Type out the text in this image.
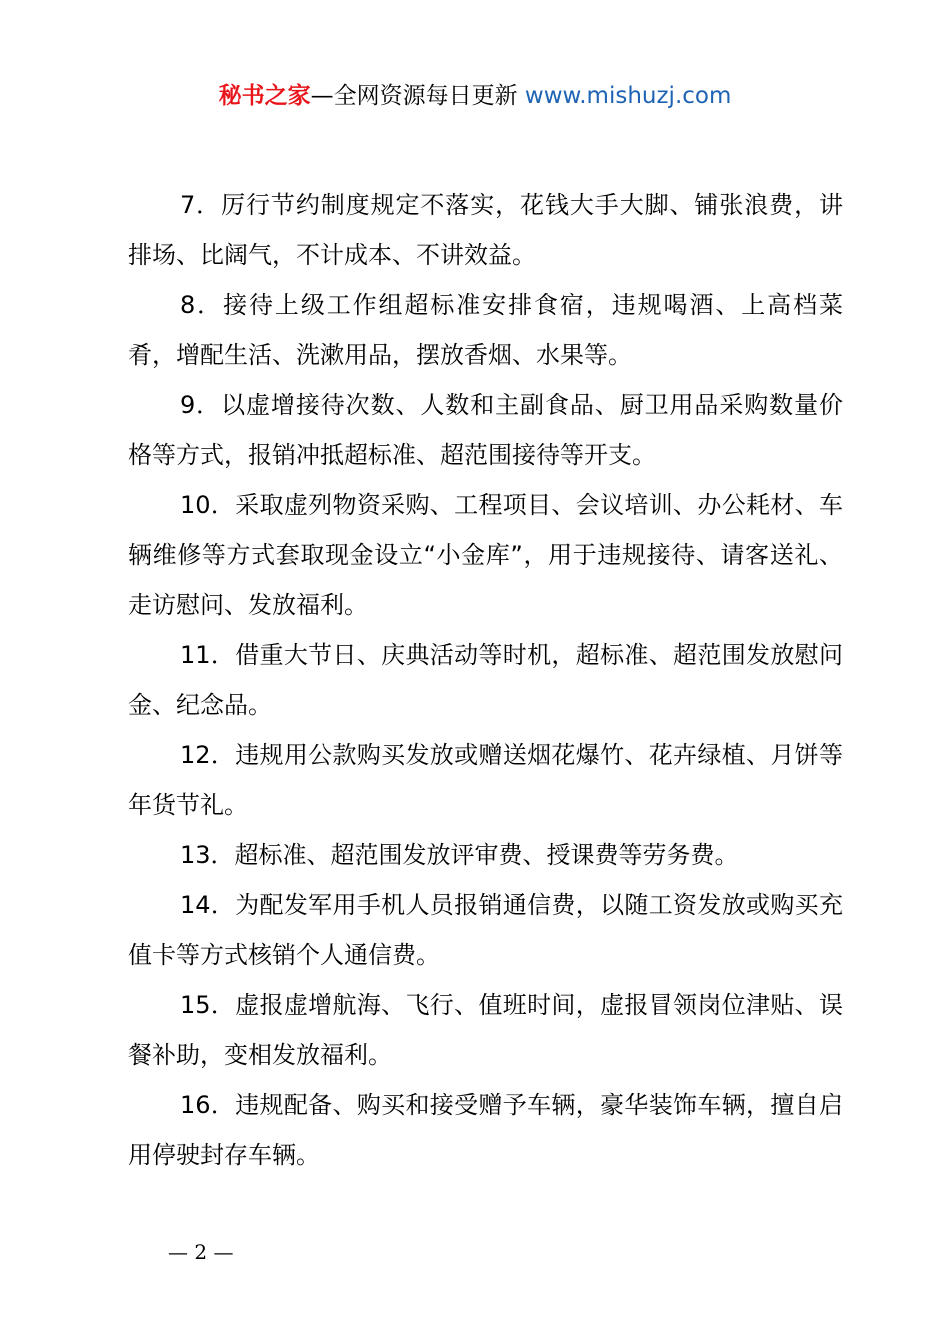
秘书之家—全网资源每日更新 www.mishuzj.com

7．厉行节约制度规定不落实，花钱大手大脚、铺张浪费，讲排场、比阔气，不计成本、不讲效益。

8．接待上级工作组超标准安排食宿，违规喝酒、上高档菜肴，增配生活、洗漱用品，摆放香烟、水果等。

9．以虚增接待次数、人数和主副食品、厨卫用品采购数量价格等方式，报销冲抵超标准、超范围接待等开支。

10．采取虚列物资采购、工程项目、会议培训、办公耗材、车辆维修等方式套取现金设立“小金库”，用于违规接待、请客送礼、走访慰问、发放福利。

11．借重大节日、庆典活动等时机，超标准、超范围发放慰问金、纪念品。

12．违规用公款购买发放或赠送烟花爆竹、花卉绿植、月饼等年货节礼。

13．超标准、超范围发放评审费、授课费等劳务费。

14．为配发军用手机人员报销通信费，以随工资发放或购买充值卡等方式核销个人通信费。

15．虚报虚增航海、飞行、值班时间，虚报冒领岗位津贴、误餐补助，变相发放福利。

16．违规配备、购买和接受赠予车辆，豪华装饰车辆，擅自启用停驶封存车辆。

— 2 —
